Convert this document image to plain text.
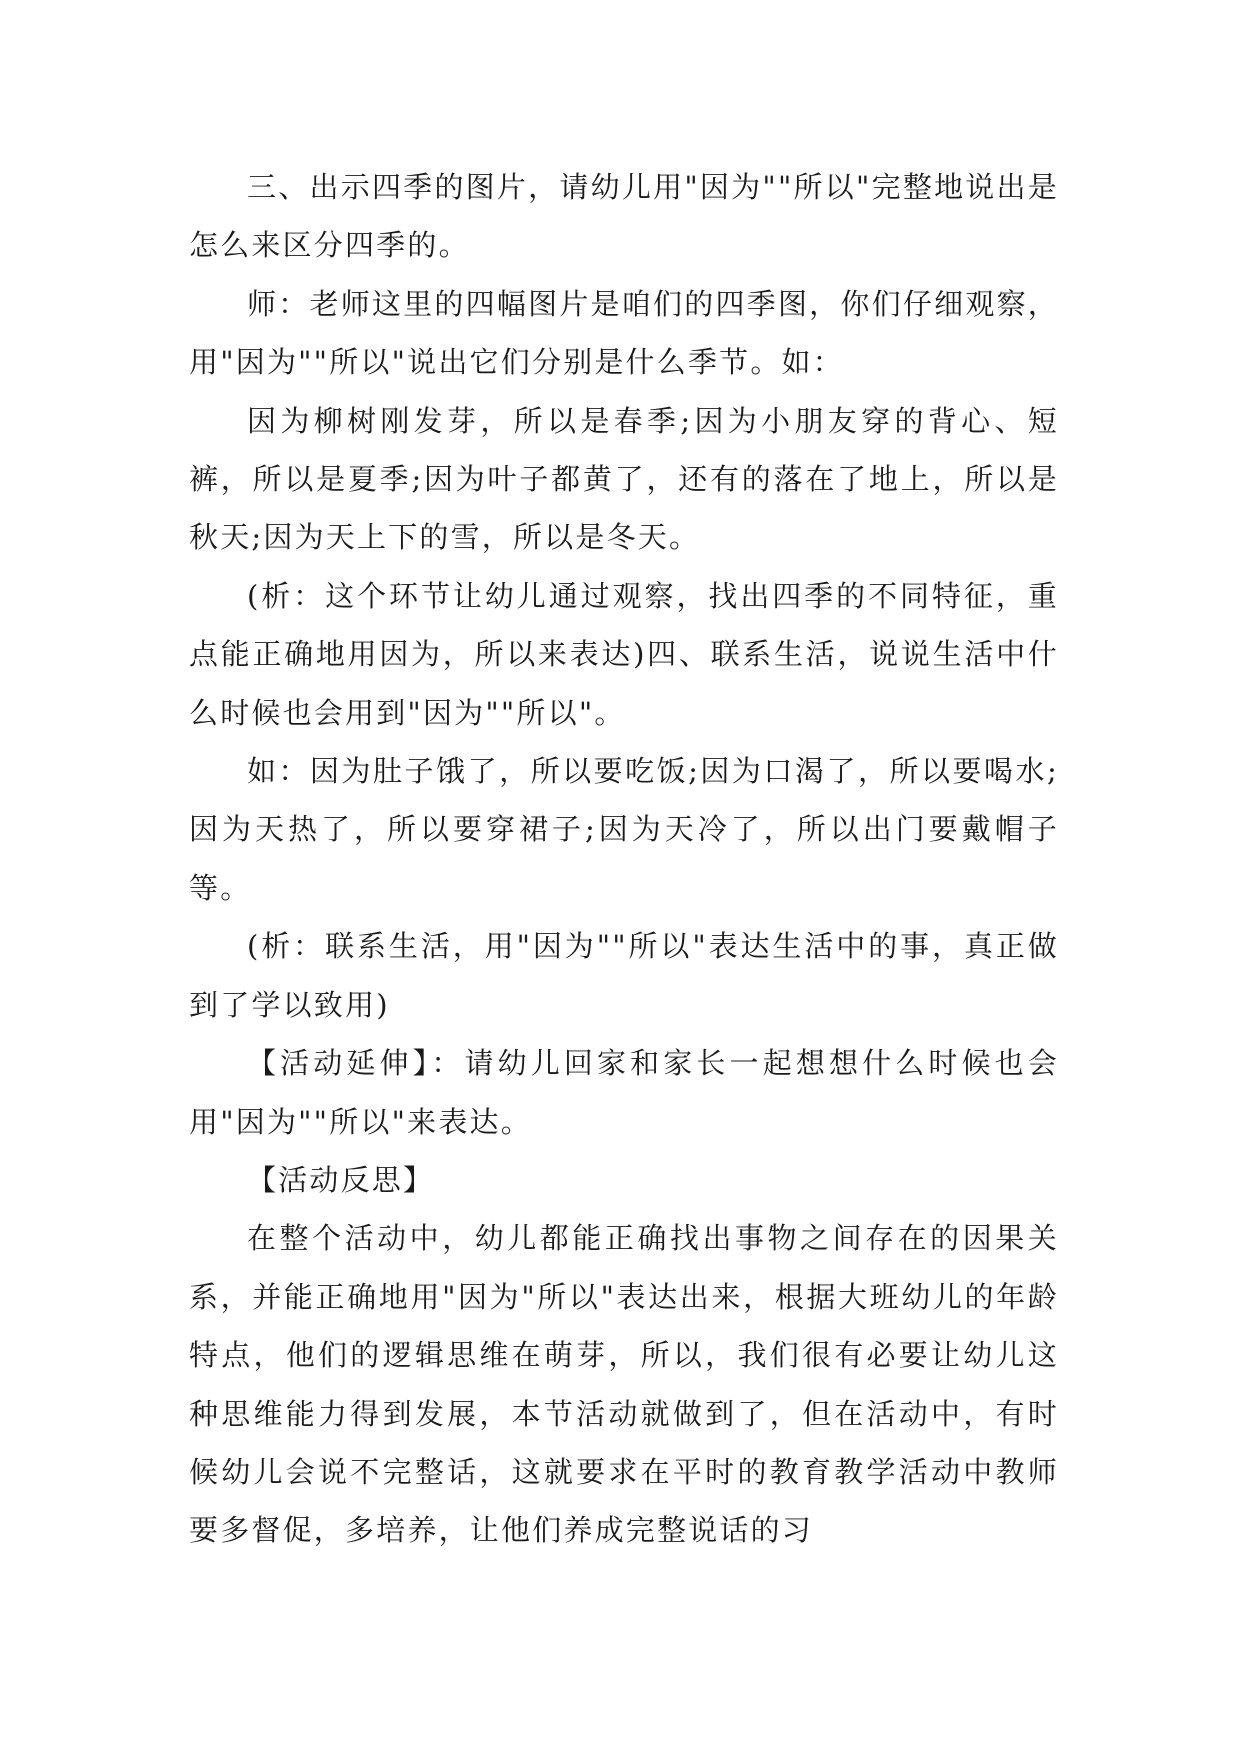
三、出示四季的图片，请幼儿用"因为""所以"完整地说出是怎么来区分四季的。

师：老师这里的四幅图片是咱们的四季图，你们仔细观察，用"因为""所以"说出它们分别是什么季节。如：

因为柳树刚发芽，所以是春季;因为小朋友穿的背心、短裤，所以是夏季;因为叶子都黄了，还有的落在了地上，所以是秋天;因为天上下的雪，所以是冬天。

(析：这个环节让幼儿通过观察，找出四季的不同特征，重点能正确地用因为，所以来表达)四、联系生活，说说生活中什么时候也会用到"因为""所以"。

如：因为肚子饿了，所以要吃饭;因为口渴了，所以要喝水;因为天热了，所以要穿裙子;因为天冷了，所以出门要戴帽子等。

(析：联系生活，用"因为""所以"表达生活中的事，真正做到了学以致用)

【活动延伸】：请幼儿回家和家长一起想想什么时候也会用"因为""所以"来表达。

【活动反思】

在整个活动中，幼儿都能正确找出事物之间存在的因果关系，并能正确地用"因为"所以"表达出来，根据大班幼儿的年龄特点，他们的逻辑思维在萌芽，所以，我们很有必要让幼儿这种思维能力得到发展，本节活动就做到了，但在活动中，有时候幼儿会说不完整话，这就要求在平时的教育教学活动中教师要多督促，多培养，让他们养成完整说话的习
